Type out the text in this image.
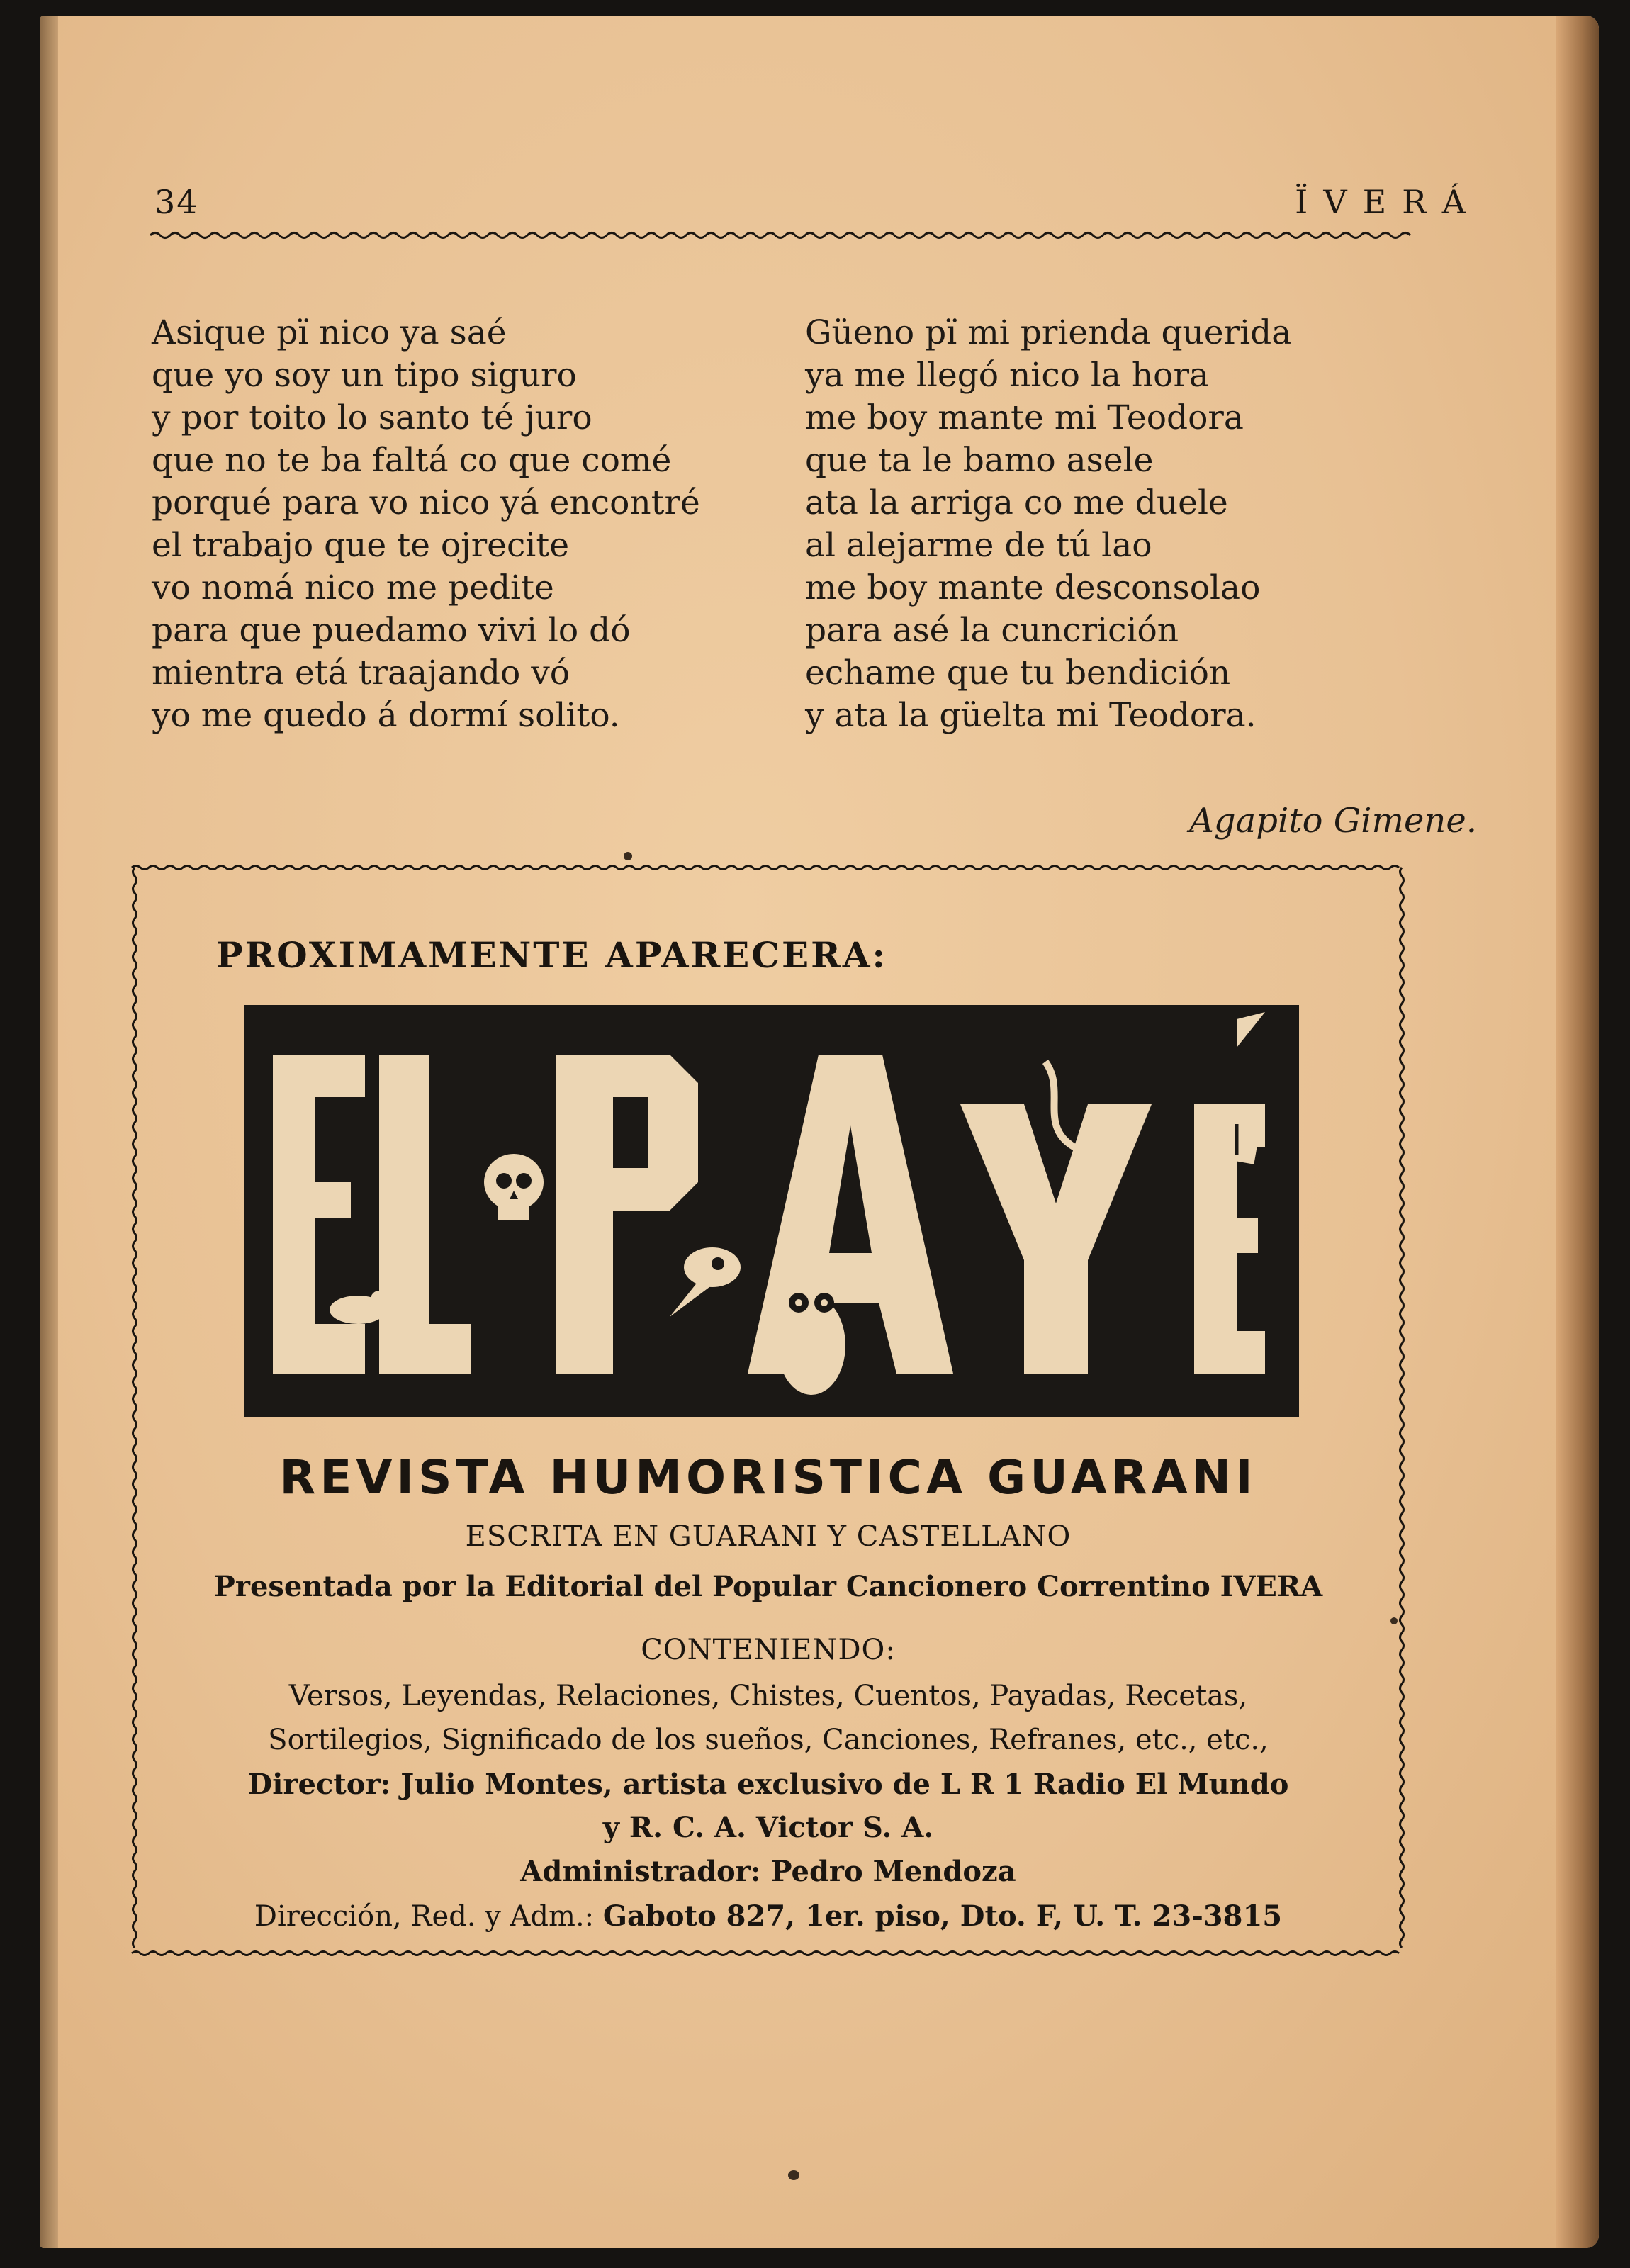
34	ÏVERÁ
Asique pï nico ya saé
que yo soy un tipo siguro
y por toito lo santo té juro
que no te ba faltá co que comé
porqué para vo nico yá encontré
el trabajo que te ojrecite
vo nomá nico me pedite
para que puedamo vivi lo dó
mientra etá traajando vó
yo me quedo á dormí solito.
Güeno pï mi prienda querida
ya me llegó nico la hora
me boy mante mi Teodora
que ta le bamo asele
ata la arriga co me duele
al alejarme de tú lao
me boy mante desconsolao
para asé la cuncrición
echame que tu bendición
y ata la güelta mi Teodora.
Agapito Gimene.
PROXIMAMENTE APARECERA:
REVISTA HUMORISTICA GUARANI
ESCRITA EN GUARANI Y CASTELLANO
Presentada por la Editorial del Popular Cancionero Correntino IVERA
CONTENIENDO:
Versos, Leyendas, Relaciones, Chistes, Cuentos, Payadas, Recetas,
Sortilegios, Significado de los sueños, Canciones, Refranes, etc., etc.,
Director: Julio Montes, artista exclusivo de L R 1 Radio El Mundo
y R. C. A. Victor S. A.
Administrador: Pedro Mendoza
Dirección, Red. y Adm.: Gaboto 827, 1er. piso, Dto. F, U. T. 23-3815
